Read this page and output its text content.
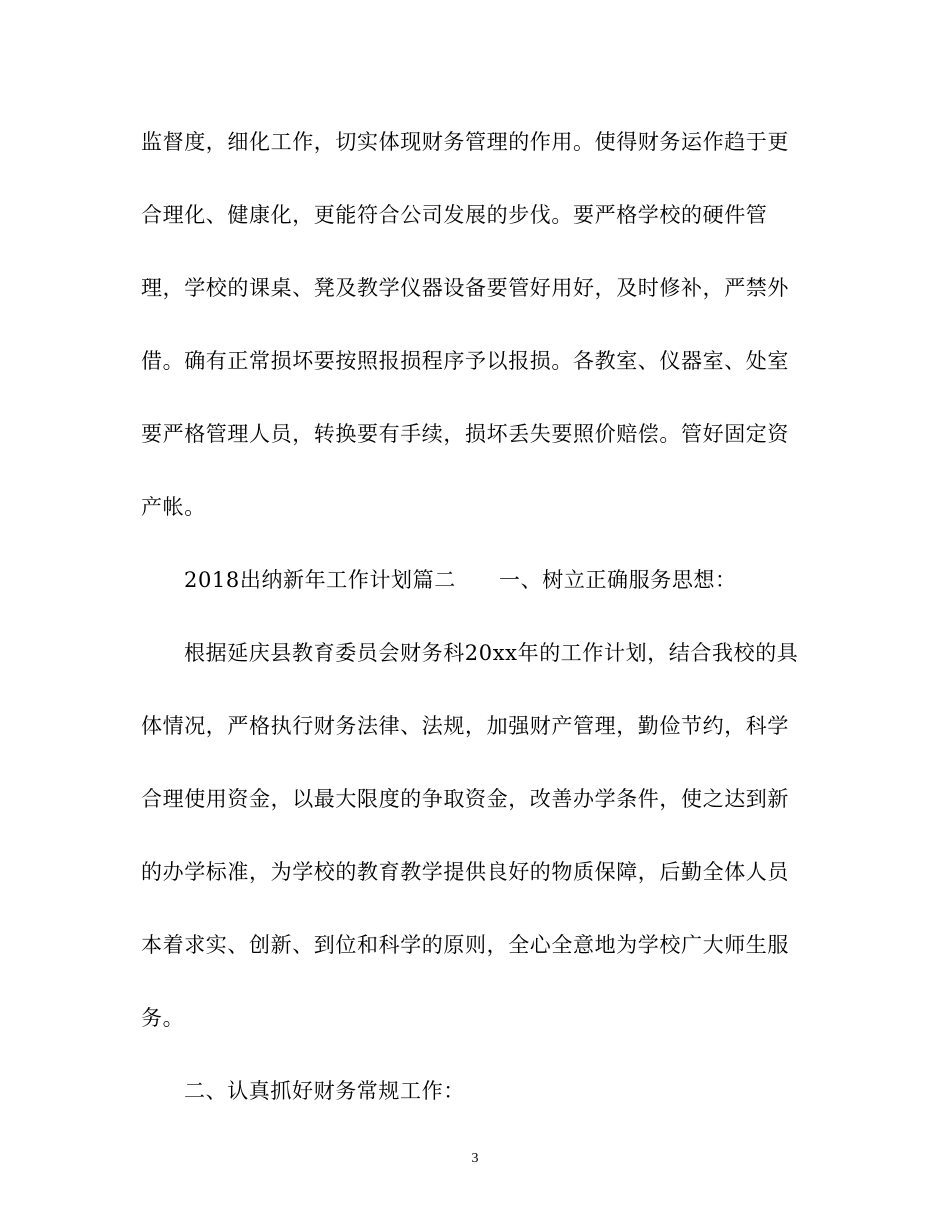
监督度，细化工作，切实体现财务管理的作用。使得财务运作趋于更
合理化、健康化，更能符合公司发展的步伐。要严格学校的硬件管
理，学校的课桌、凳及教学仪器设备要管好用好，及时修补，严禁外
借。确有正常损坏要按照报损程序予以报损。各教室、仪器室、处室
要严格管理人员，转换要有手续，损坏丢失要照价赔偿。管好固定资
产帐。
2018出纳新年工作计划篇二　　一、树立正确服务思想：
根据延庆县教育委员会财务科20xx年的工作计划，结合我校的具
体情况，严格执行财务法律、法规，加强财产管理，勤俭节约，科学
合理使用资金，以最大限度的争取资金，改善办学条件，使之达到新
的办学标准，为学校的教育教学提供良好的物质保障，后勤全体人员
本着求实、创新、到位和科学的原则，全心全意地为学校广大师生服
务。
二、认真抓好财务常规工作：
3
